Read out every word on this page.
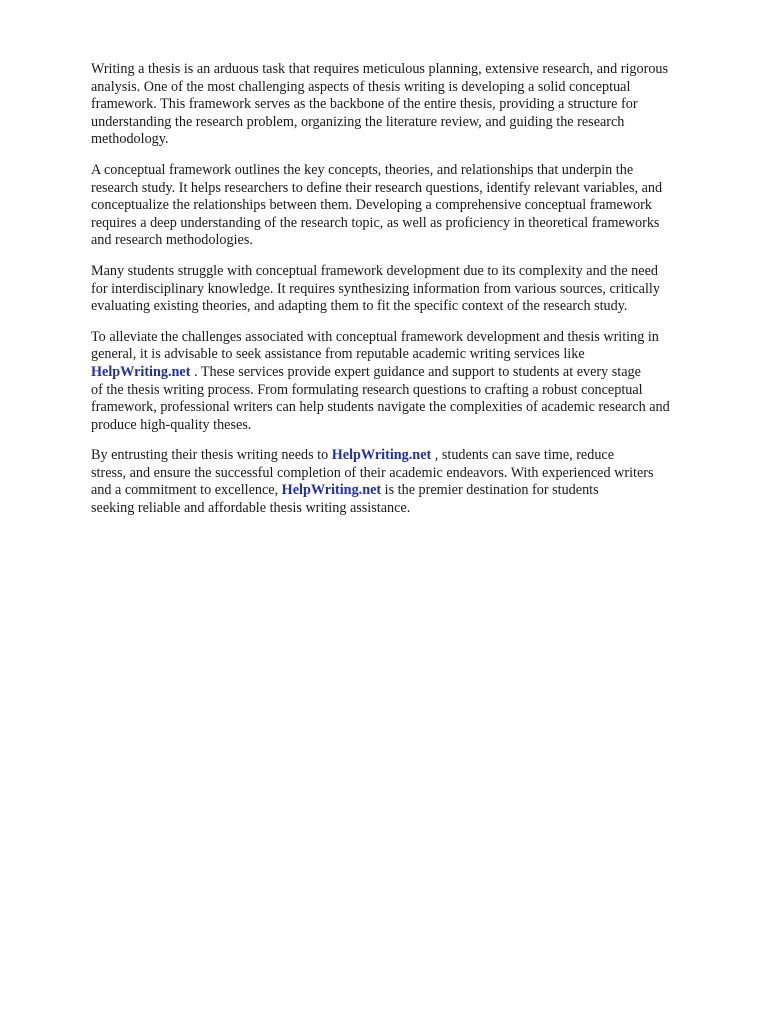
Writing a thesis is an arduous task that requires meticulous planning, extensive research, and rigorous
analysis. One of the most challenging aspects of thesis writing is developing a solid conceptual
framework. This framework serves as the backbone of the entire thesis, providing a structure for
understanding the research problem, organizing the literature review, and guiding the research
methodology.

A conceptual framework outlines the key concepts, theories, and relationships that underpin the
research study. It helps researchers to define their research questions, identify relevant variables, and
conceptualize the relationships between them. Developing a comprehensive conceptual framework
requires a deep understanding of the research topic, as well as proficiency in theoretical frameworks
and research methodologies.

Many students struggle with conceptual framework development due to its complexity and the need
for interdisciplinary knowledge. It requires synthesizing information from various sources, critically
evaluating existing theories, and adapting them to fit the specific context of the research study.

To alleviate the challenges associated with conceptual framework development and thesis writing in
general, it is advisable to seek assistance from reputable academic writing services like
HelpWriting.net . These services provide expert guidance and support to students at every stage
of the thesis writing process. From formulating research questions to crafting a robust conceptual
framework, professional writers can help students navigate the complexities of academic research and
produce high-quality theses.

By entrusting their thesis writing needs to HelpWriting.net , students can save time, reduce
stress, and ensure the successful completion of their academic endeavors. With experienced writers
and a commitment to excellence, HelpWriting.net is the premier destination for students
seeking reliable and affordable thesis writing assistance.
